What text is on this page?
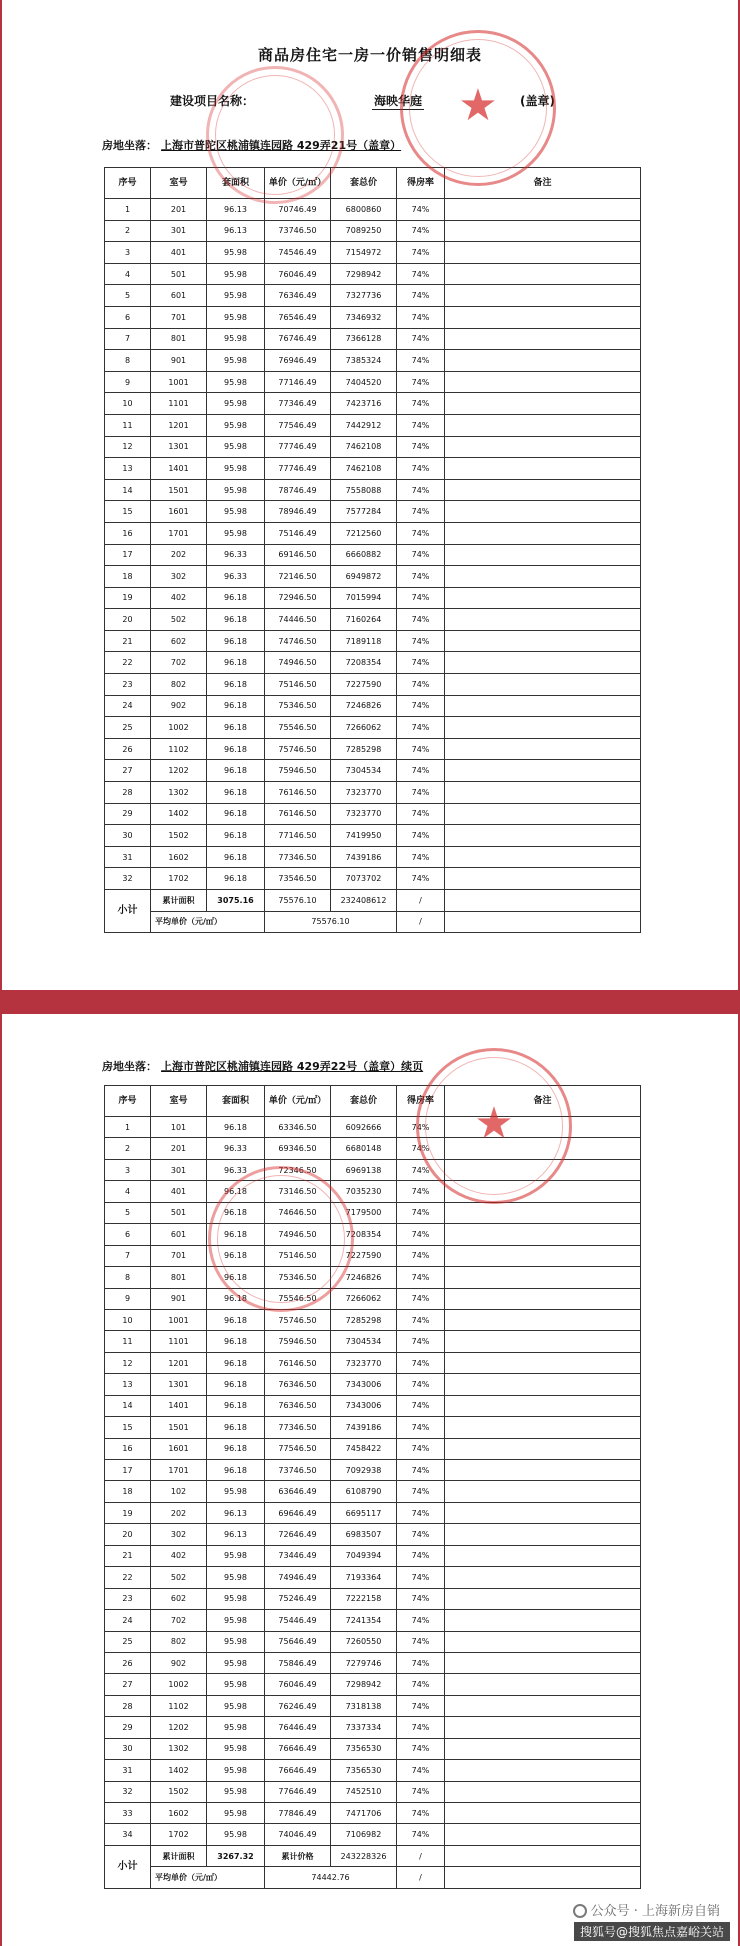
商品房住宅一房一价销售明细表
建设项目名称：	海映华庭	(盖章)
房地坐落： 上海市普陀区桃浦镇连园路 429弄21号（盖章）
序号	室号	套面积	单价（元/㎡）	套总价	得房率	备注
1	201	96.13	70746.49	6800860	74%	
2	301	96.13	73746.50	7089250	74%	
3	401	95.98	74546.49	7154972	74%	
4	501	95.98	76046.49	7298942	74%	
5	601	95.98	76346.49	7327736	74%	
6	701	95.98	76546.49	7346932	74%	
7	801	95.98	76746.49	7366128	74%	
8	901	95.98	76946.49	7385324	74%	
9	1001	95.98	77146.49	7404520	74%	
10	1101	95.98	77346.49	7423716	74%	
11	1201	95.98	77546.49	7442912	74%	
12	1301	95.98	77746.49	7462108	74%	
13	1401	95.98	77746.49	7462108	74%	
14	1501	95.98	78746.49	7558088	74%	
15	1601	95.98	78946.49	7577284	74%	
16	1701	95.98	75146.49	7212560	74%	
17	202	96.33	69146.50	6660882	74%	
18	302	96.33	72146.50	6949872	74%	
19	402	96.18	72946.50	7015994	74%	
20	502	96.18	74446.50	7160264	74%	
21	602	96.18	74746.50	7189118	74%	
22	702	96.18	74946.50	7208354	74%	
23	802	96.18	75146.50	7227590	74%	
24	902	96.18	75346.50	7246826	74%	
25	1002	96.18	75546.50	7266062	74%	
26	1102	96.18	75746.50	7285298	74%	
27	1202	96.18	75946.50	7304534	74%	
28	1302	96.18	76146.50	7323770	74%	
29	1402	96.18	76146.50	7323770	74%	
30	1502	96.18	77146.50	7419950	74%	
31	1602	96.18	77346.50	7439186	74%	
32	1702	96.18	73546.50	7073702	74%	
小计	累计面积	3075.16	75576.10	232408612	/	
	平均单价（元/㎡）		75576.10		/	
★
房地坐落： 上海市普陀区桃浦镇连园路 429弄22号（盖章）续页
序号	室号	套面积	单价（元/㎡）	套总价	得房率	备注
1	101	96.18	63346.50	6092666	74%	
2	201	96.33	69346.50	6680148	74%	
3	301	96.33	72346.50	6969138	74%	
4	401	96.18	73146.50	7035230	74%	
5	501	96.18	74646.50	7179500	74%	
6	601	96.18	74946.50	7208354	74%	
7	701	96.18	75146.50	7227590	74%	
8	801	96.18	75346.50	7246826	74%	
9	901	96.18	75546.50	7266062	74%	
10	1001	96.18	75746.50	7285298	74%	
11	1101	96.18	75946.50	7304534	74%	
12	1201	96.18	76146.50	7323770	74%	
13	1301	96.18	76346.50	7343006	74%	
14	1401	96.18	76346.50	7343006	74%	
15	1501	96.18	77346.50	7439186	74%	
16	1601	96.18	77546.50	7458422	74%	
17	1701	96.18	73746.50	7092938	74%	
18	102	95.98	63646.49	6108790	74%	
19	202	96.13	69646.49	6695117	74%	
20	302	96.13	72646.49	6983507	74%	
21	402	95.98	73446.49	7049394	74%	
22	502	95.98	74946.49	7193364	74%	
23	602	95.98	75246.49	7222158	74%	
24	702	95.98	75446.49	7241354	74%	
25	802	95.98	75646.49	7260550	74%	
26	902	95.98	75846.49	7279746	74%	
27	1002	95.98	76046.49	7298942	74%	
28	1102	95.98	76246.49	7318138	74%	
29	1202	95.98	76446.49	7337334	74%	
30	1302	95.98	76646.49	7356530	74%	
31	1402	95.98	76646.49	7356530	74%	
32	1502	95.98	77646.49	7452510	74%	
33	1602	95.98	77846.49	7471706	74%	
34	1702	95.98	74046.49	7106982	74%	
小计	累计面积	3267.32	累计价格	243228326	/	
	平均单价（元/㎡）		74442.76		/	
★
公众号 · 上海新房自销
搜狐号@搜狐焦点嘉峪关站
